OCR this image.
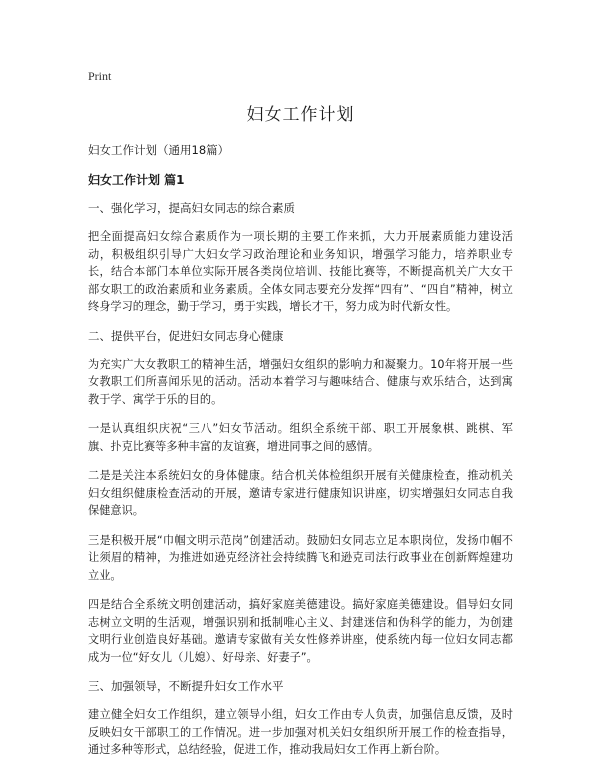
Print
妇女工作计划
妇女工作计划（通用18篇）
妇女工作计划 篇1
一、强化学习，提高妇女同志的综合素质

把全面提高妇女综合素质作为一项长期的主要工作来抓，大力开展素质能力建设活动，积极组织引导广大妇女学习政治理论和业务知识，增强学习能力，培养职业专长，结合本部门本单位实际开展各类岗位培训、技能比赛等，不断提高机关广大女干部女职工的政治素质和业务素质。全体女同志要充分发挥“四有”、“四自”精神，树立终身学习的理念，勤于学习，勇于实践，增长才干，努力成为时代新女性。

二、提供平台，促进妇女同志身心健康

为充实广大女教职工的精神生活，增强妇女组织的影响力和凝聚力。10年将开展一些女教职工们所喜闻乐见的活动。活动本着学习与趣味结合、健康与欢乐结合，达到寓教于学、寓学于乐的目的。

一是认真组织庆祝“三八”妇女节活动。组织全系统干部、职工开展象棋、跳棋、军旗、扑克比赛等多种丰富的友谊赛，增进同事之间的感情。

二是是关注本系统妇女的身体健康。结合机关体检组织开展有关健康检查，推动机关妇女组织健康检查活动的开展，邀请专家进行健康知识讲座，切实增强妇女同志自我保健意识。

三是积极开展“巾帼文明示范岗”创建活动。鼓励妇女同志立足本职岗位，发扬巾帼不让须眉的精神，为推进如逊克经济社会持续腾飞和逊克司法行政事业在创新辉煌建功立业。

四是结合全系统文明创建活动，搞好家庭美德建设。搞好家庭美德建设。倡导妇女同志树立文明的生活观，增强识别和抵制唯心主义、封建迷信和伪科学的能力，为创建文明行业创造良好基础。邀请专家做有关女性修养讲座，使系统内每一位妇女同志都成为一位“好女儿（儿媳）、好母亲、好妻子”。

三、加强领导，不断提升妇女工作水平

建立健全妇女工作组织，建立领导小组，妇女工作由专人负责，加强信息反馈，及时反映妇女干部职工的工作情况。进一步加强对机关妇女组织所开展工作的检查指导，通过多种等形式，总结经验，促进工作，推动我局妇女工作再上新台阶。
